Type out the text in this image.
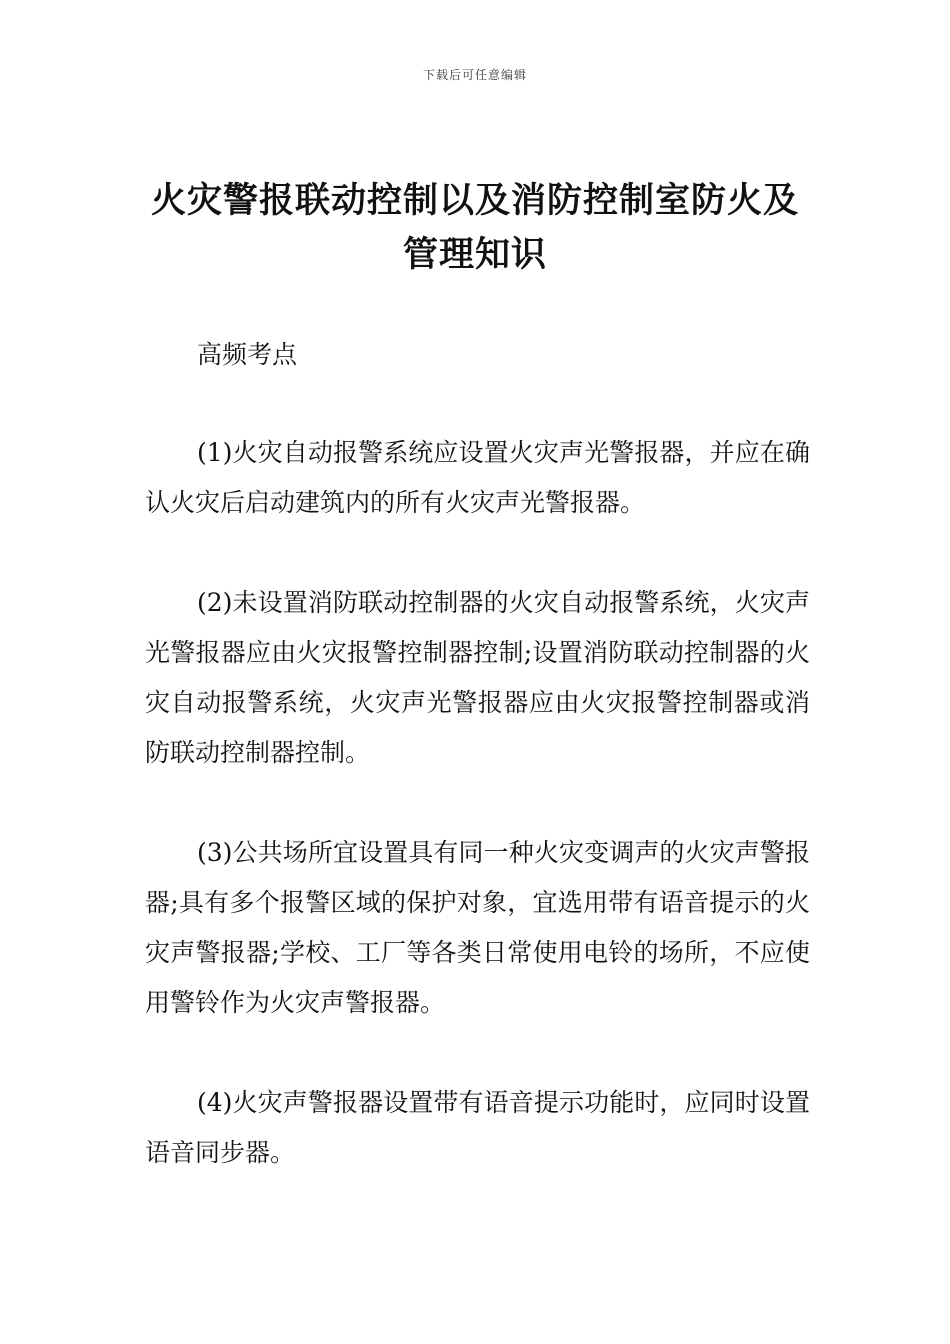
下载后可任意编辑
火灾警报联动控制以及消防控制室防火及管理知识
高频考点

(1)火灾自动报警系统应设置火灾声光警报器，并应在确认火灾后启动建筑内的所有火灾声光警报器。

(2)未设置消防联动控制器的火灾自动报警系统，火灾声光警报器应由火灾报警控制器控制;设置消防联动控制器的火灾自动报警系统，火灾声光警报器应由火灾报警控制器或消防联动控制器控制。

(3)公共场所宜设置具有同一种火灾变调声的火灾声警报器;具有多个报警区域的保护对象，宜选用带有语音提示的火灾声警报器;学校、工厂等各类日常使用电铃的场所，不应使用警铃作为火灾声警报器。

(4)火灾声警报器设置带有语音提示功能时，应同时设置语音同步器。
